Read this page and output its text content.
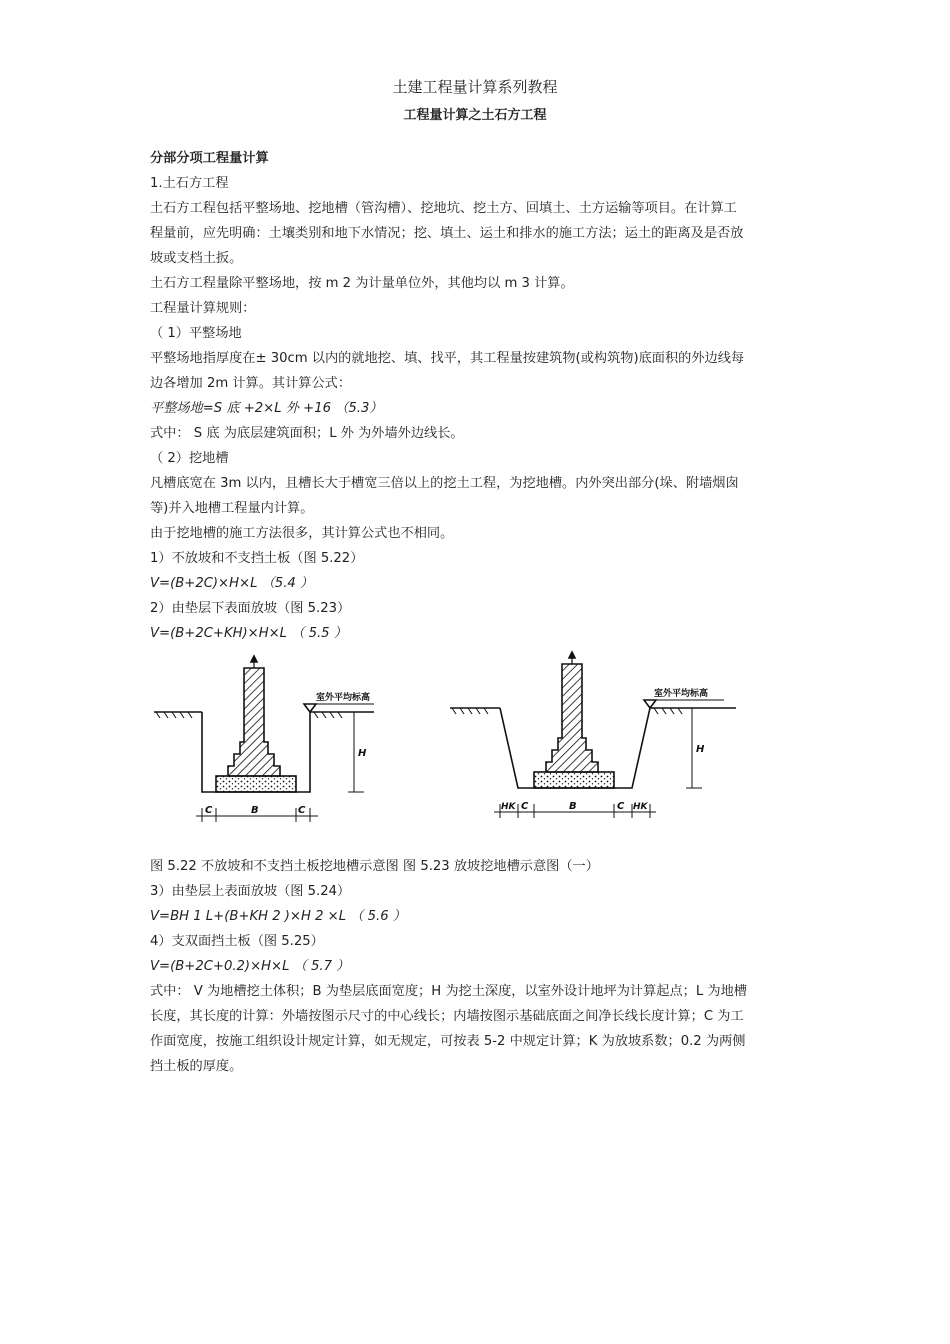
土建工程量计算系列教程
工程量计算之土石方工程

分部分项工程量计算

1.土石方工程

土石方工程包括平整场地、挖地槽（管沟槽）、挖地坑、挖土方、回填土、土方运输等项目。在计算工

程量前，应先明确：土壤类别和地下水情况；挖、填土、运土和排水的施工方法；运土的距离及是否放

坡或支档土扳。

土石方工程量除平整场地，按 m 2 为计量单位外，其他均以 m 3 计算。

工程量计算规则：

（ 1）平整场地

平整场地指厚度在± 30cm 以内的就地挖、填、找平，其工程量按建筑物(或构筑物)底面积的外边线每

边各增加 2m 计算。其计算公式：

平整场地=S 底 +2×L 外 +16 （5.3）

式中： S 底 为底层建筑面积；L 外 为外墙外边线长。

（ 2）挖地槽

凡槽底宽在 3m 以内，且槽长大于槽宽三倍以上的挖土工程，为挖地槽。内外突出部分(垛、附墙烟囱

等)并入地槽工程量内计算。

由于挖地槽的施工方法很多，其计算公式也不相同。

1）不放坡和不支挡土板（图 5.22）

V=(B+2C)×H×L （5.4 ）

2）由垫层下表面放坡（图 5.23）

V=(B+2C+KH)×H×L （ 5.5 ）

室外平均标高
H
B
C	C
室外平均标高
H
B
HK C	C HK

图 5.22 不放坡和不支挡土板挖地槽示意图 图 5.23 放坡挖地槽示意图（一）

3）由垫层上表面放坡（图 5.24）

V=BH 1 L+(B+KH 2 )×H 2 ×L （ 5.6 ）

4）支双面挡土板（图 5.25）

V=(B+2C+0.2)×H×L （ 5.7 ）

式中： V 为地槽挖土体积；B 为垫层底面宽度；H 为挖土深度，以室外设计地坪为计算起点；L 为地槽

长度，其长度的计算：外墙按图示尺寸的中心线长；内墙按图示基础底面之间净长线长度计算；C 为工

作面宽度，按施工组织设计规定计算，如无规定，可按表 5-2 中规定计算；K 为放坡系数；0.2 为两侧

挡土板的厚度。
